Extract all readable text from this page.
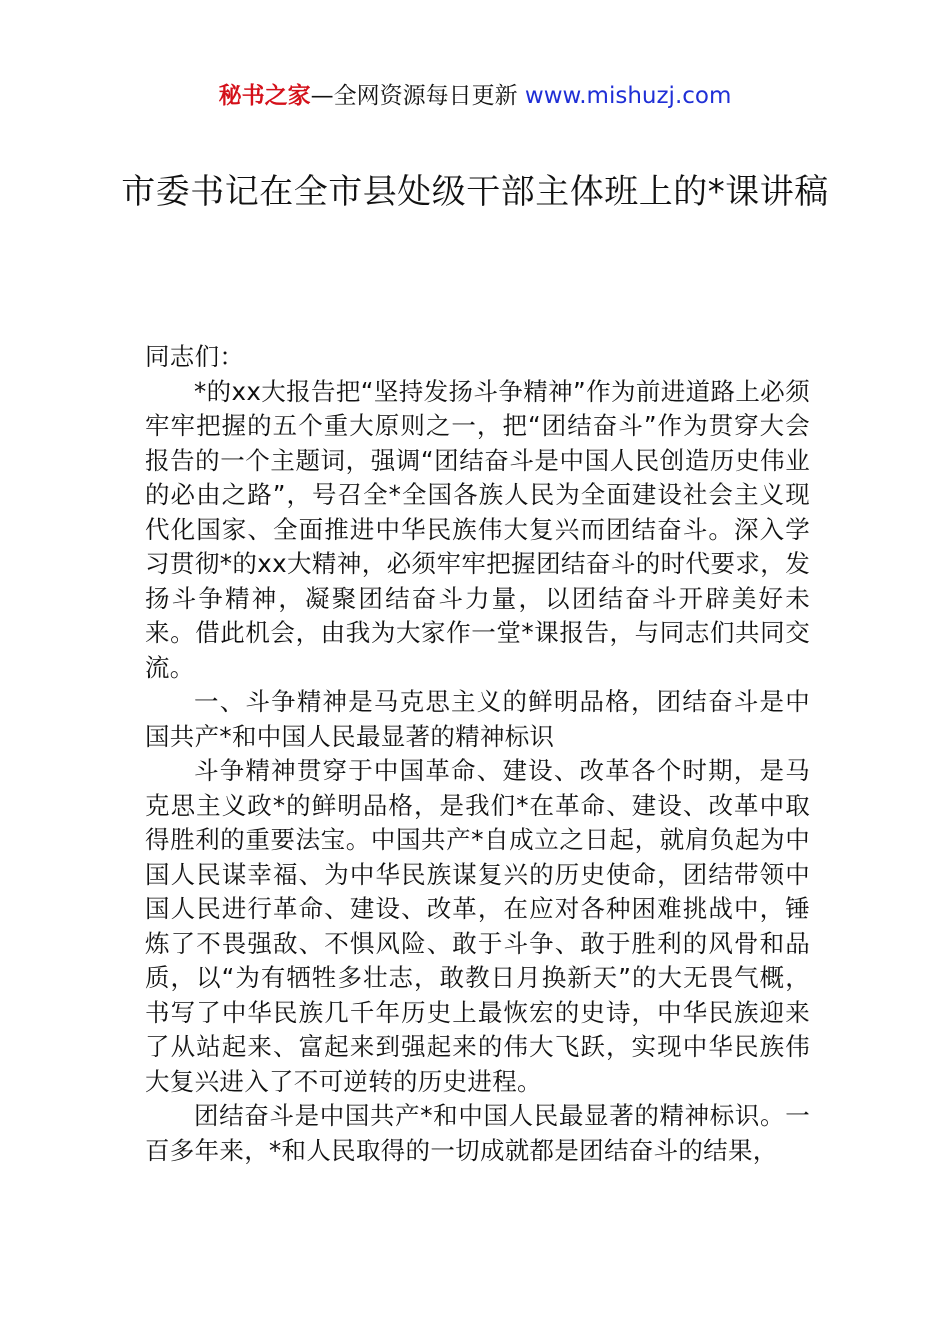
秘书之家—全网资源每日更新 www.mishuzj.com
市委书记在全市县处级干部主体班上的*课讲稿

同志们：

*的xx大报告把“坚持发扬斗争精神”作为前进道路上必须牢牢把握的五个重大原则之一，把“团结奋斗”作为贯穿大会报告的一个主题词，强调“团结奋斗是中国人民创造历史伟业的必由之路”，号召全*全国各族人民为全面建设社会主义现代化国家、全面推进中华民族伟大复兴而团结奋斗。深入学习贯彻*的xx大精神，必须牢牢把握团结奋斗的时代要求，发扬斗争精神，凝聚团结奋斗力量，以团结奋斗开辟美好未来。借此机会，由我为大家作一堂*课报告，与同志们共同交流。

一、斗争精神是马克思主义的鲜明品格，团结奋斗是中国共产*和中国人民最显著的精神标识

斗争精神贯穿于中国革命、建设、改革各个时期，是马克思主义政*的鲜明品格，是我们*在革命、建设、改革中取得胜利的重要法宝。中国共产*自成立之日起，就肩负起为中国人民谋幸福、为中华民族谋复兴的历史使命，团结带领中国人民进行革命、建设、改革，在应对各种困难挑战中，锤炼了不畏强敌、不惧风险、敢于斗争、敢于胜利的风骨和品质，以“为有牺牲多壮志，敢教日月换新天”的大无畏气概，书写了中华民族几千年历史上最恢宏的史诗，中华民族迎来了从站起来、富起来到强起来的伟大飞跃，实现中华民族伟大复兴进入了不可逆转的历史进程。

团结奋斗是中国共产*和中国人民最显著的精神标识。一百多年来，*和人民取得的一切成就都是团结奋斗的结果，
